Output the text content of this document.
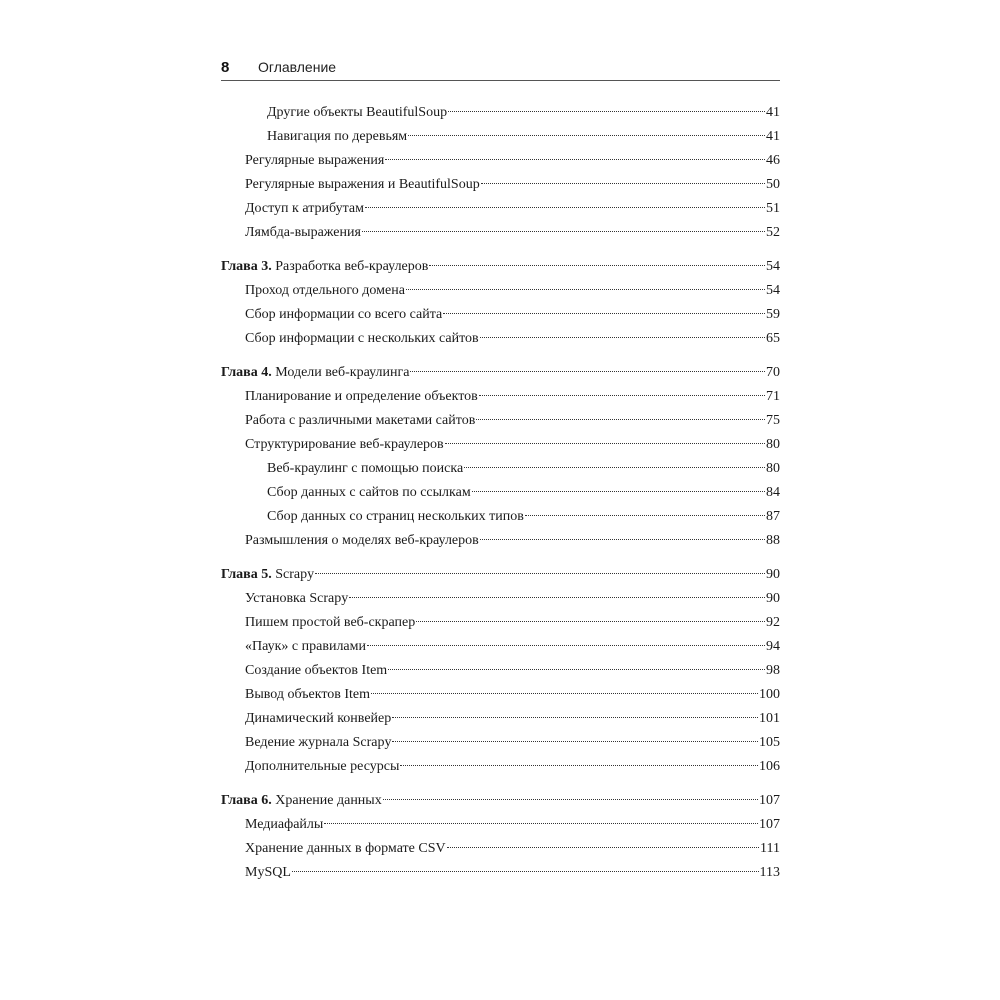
8 Оглавление
Другие объекты BeautifulSoup	41
Навигация по деревьям	41
Регулярные выражения	46
Регулярные выражения и BeautifulSoup	50
Доступ к атрибутам	51
Лямбда-выражения	52
Глава 3. Разработка веб-краулеров	54
Проход отдельного домена	54
Сбор информации со всего сайта	59
Сбор информации с нескольких сайтов	65
Глава 4. Модели веб-краулинга	70
Планирование и определение объектов	71
Работа с различными макетами сайтов	75
Структурирование веб-краулеров	80
Веб-краулинг с помощью поиска	80
Сбор данных с сайтов по ссылкам	84
Сбор данных со страниц нескольких типов	87
Размышления о моделях веб-краулеров	88
Глава 5. Scrapy	90
Установка Scrapy	90
Пишем простой веб-скрапер	92
«Паук» с правилами	94
Создание объектов Item	98
Вывод объектов Item	100
Динамический конвейер	101
Ведение журнала Scrapy	105
Дополнительные ресурсы	106
Глава 6. Хранение данных	107
Медиафайлы	107
Хранение данных в формате CSV	111
MySQL	113
